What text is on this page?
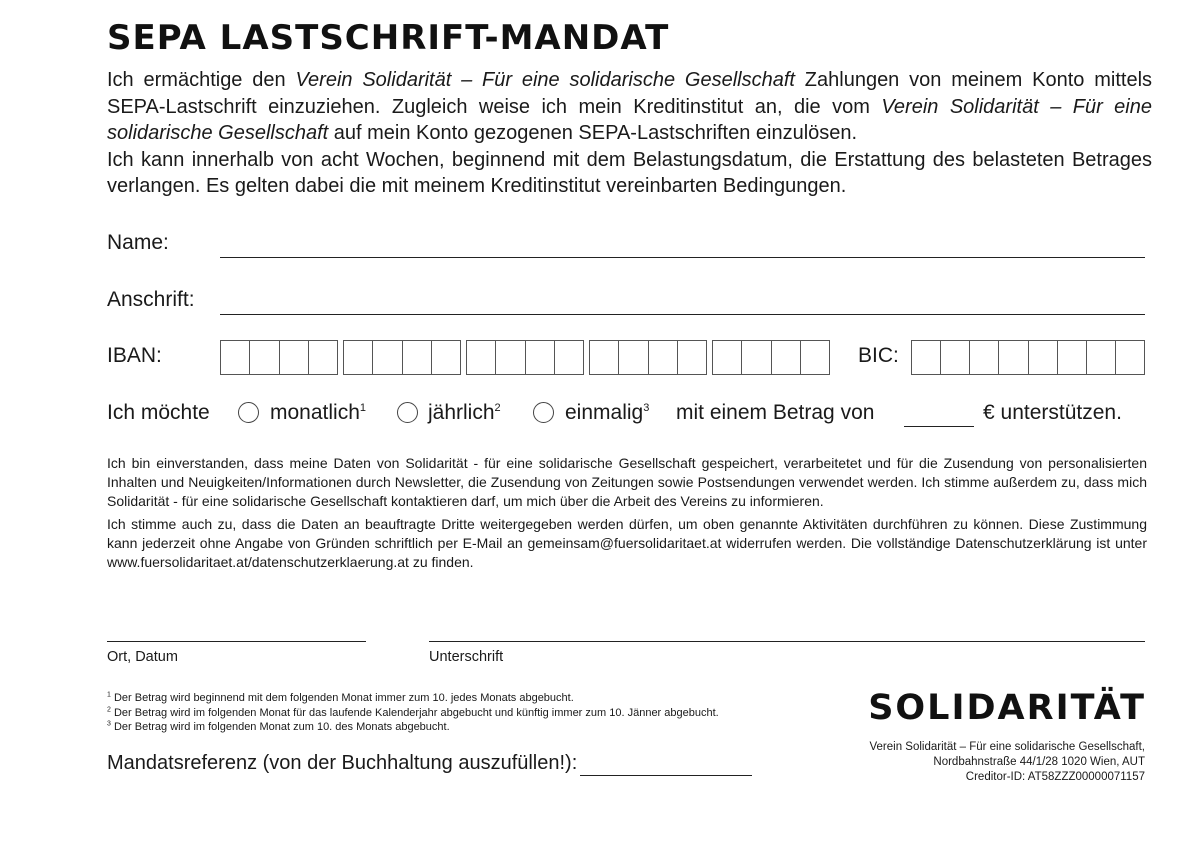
SEPA LASTSCHRIFT-MANDAT

Ich ermächtige den Verein Solidarität – Für eine solidarische Gesellschaft Zahlungen von meinem Konto mittels SEPA-Lastschrift einzuziehen. Zugleich weise ich mein Kreditinstitut an, die vom Verein Solidarität – Für eine solidarische Gesellschaft auf mein Konto gezogenen SEPA-Lastschriften einzulösen.

Ich kann innerhalb von acht Wochen, beginnend mit dem Belastungsdatum, die Erstattung des belasteten Betrages verlangen. Es gelten dabei die mit meinem Kreditinstitut vereinbarten Bedingungen.

Name:
Anschrift:
IBAN:	BIC:
Ich möchte	monatlich$^1$	jährlich$^2$	einmalig$^3$ mit einem Betrag von	€ unterstützen.
Ich bin einverstanden, dass meine Daten von Solidarität - für eine solidarische Gesellschaft gespeichert, verarbeitetet und für die Zusendung von personalisierten Inhalten und Neuigkeiten/Informationen durch Newsletter, die Zusendung von Zeitungen sowie Postsendungen verwendet werden. Ich stimme außerdem zu, dass mich Solidarität - für eine solidarische Gesellschaft kontaktieren darf, um mich über die Arbeit des Vereins zu informieren.
Ich stimme auch zu, dass die Daten an beauftragte Dritte weitergegeben werden dürfen, um oben genannte Aktivitäten durchführen zu können. Diese Zustimmung kann jederzeit ohne Angabe von Gründen schriftlich per E-Mail an gemeinsam@fuersolidaritaet.at widerrufen werden. Die vollständige Datenschutzerklärung ist unter www.fuersolidaritaet.at/datenschutzerklaerung.at zu finden.
Ort, Datum	Unterschrift
$^1$ Der Betrag wird beginnend mit dem folgenden Monat immer zum 10. jedes Monats abgebucht.
$^2$ Der Betrag wird im folgenden Monat für das laufende Kalenderjahr abgebucht und künftig immer zum 10. Jänner abgebucht.
$^3$ Der Betrag wird im folgenden Monat zum 10. des Monats abgebucht.
Mandatsreferenz (von der Buchhaltung auszufüllen!):
SOLIDARITÄT
Verein Solidarität – Für eine solidarische Gesellschaft,
Nordbahnstraße 44/1/28 1020 Wien, AUT
Creditor-ID: AT58ZZZ00000071157
